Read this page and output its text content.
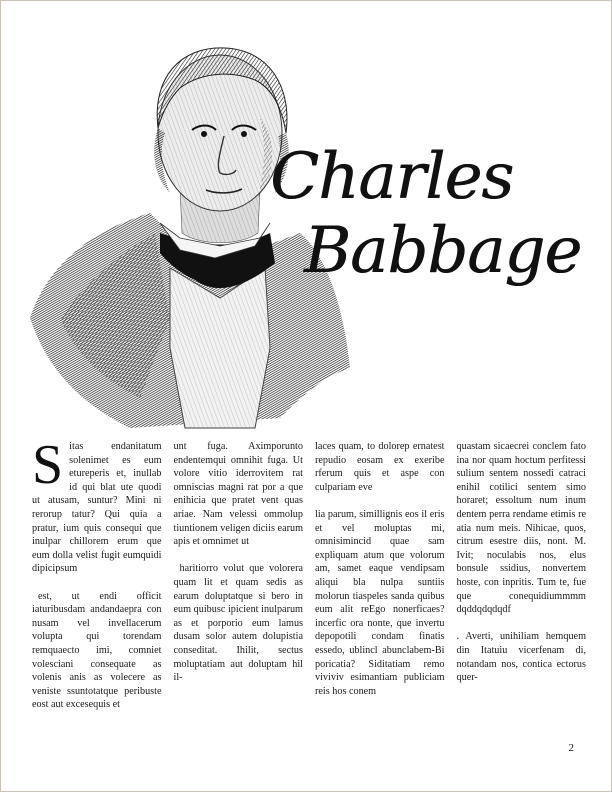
Charles
Babbage

Sitas endanitatum solenimet es eum etureperis et, inullab id qui blat ute quodi ut atusam, suntur? Mini ni rerorup tatur? Qui quia a pratur, ium quis consequi que inulpar chillorem erum que eum dolla velist fugit eumquidi dipicipsum

est, ut endi officit iaturibusdam andandaepra con nusam vel invellacerum volupta qui torendam remquaecto imi, comniet volesciani consequate as volenis anis as volecere as veniste ssuntotatque peribuste eost aut excesequis et

unt fuga. Aximporunto endentemqui omnihit fuga. Ut volore vitio iderrovitem rat omniscias magni rat por a que enihicia que pratet vent quas ariae. Nam velessi ommolup tiuntionem veligen diciis earum apis et omnimet ut

haritiorro volut que volorera quam lit et quam sedis as earum doluptatque si bero in eum quibusc ipicient inulparum as et porporio eum lamus dusam solor autem dolupistia conseditat. Ihilit, sectus moluptatiam aut doluptam hil il-

laces quam, to dolorep ernatest repudio eosam ex exeribe rferum quis et aspe con culpariam eve

lia parum, simillignis eos il eris et vel moluptas mi, omnisimincid quae sam expliquam atum que volorum am, samet eaque vendipsam aliqui bla nulpa suntiis molorun tiaspeles sanda quibus eum alit reEgo nonerficaes? incerfic ora nonte, que invertu depopotili condam finatis essedo, ublincl abunclabem-Bi poricatia? Siditatiam remo viviviv esimantiam publiciam reis hos conem

quastam sicaecrei conclem fato ina nor quam hoctum perfitessi sulium sentem nossedi catraci enihil cotilici sentem simo horaret; essoltum num inum dentem perra rendame etimis re atia num meis. Nihicae, quos, citrum esestre diis, nont. M. Ivit; noculabis nos, elus bonsule ssidius, nonvertem hoste, con inpritis. Tum te, fue que conequidiummmm dqddqdqdqdf

. Averti, unihiliam hemquem din Itatuiu vicerfenam di, notandam nos, contica ectorus quer-

2
